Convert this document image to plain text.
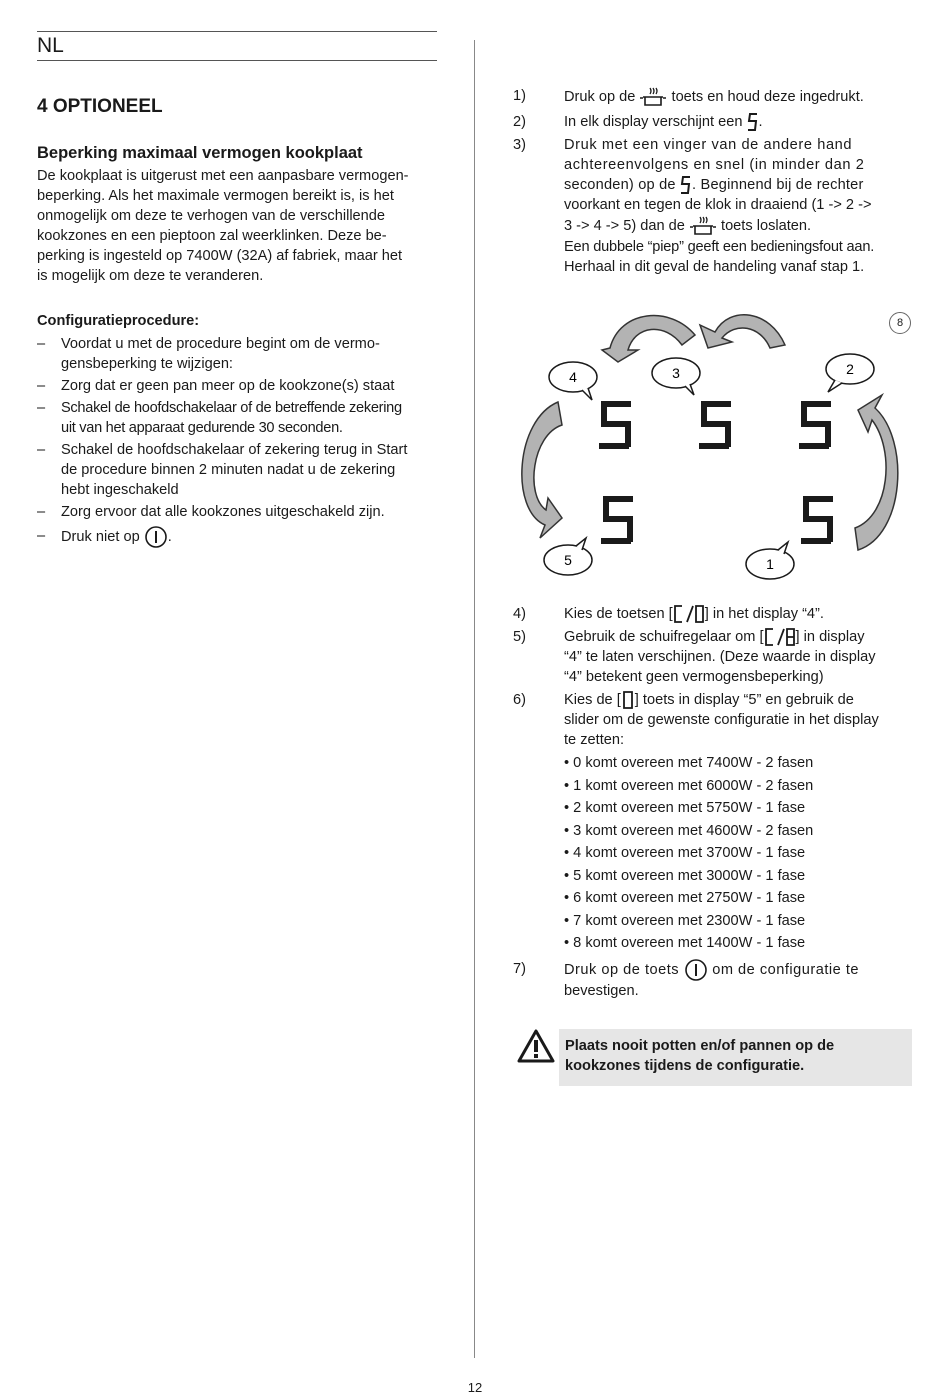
NL
4 OPTIONEEL
Beperking maximaal vermogen kookplaat
De kookplaat is uitgerust met een aanpasbare vermogen-
beperking. Als het maximale vermogen bereikt is, is het
onmogelijk om deze te verhogen van de verschillende
kookzones en een pieptoon zal weerklinken. Deze be-
perking is ingesteld op 7400W (32A) af fabriek, maar het
is mogelijk om deze te veranderen.
Configuratieprocedure:
– Voordat u met de procedure begint om de vermo-
gensbeperking te wijzigen:
– Zorg dat er geen pan meer op de kookzone(s) staat
– Schakel de hoofdschakelaar of de betreffende zekering
uit van het apparaat gedurende 30 seconden.
– Schakel de hoofdschakelaar of zekering terug in Start
de procedure binnen 2 minuten nadat u de zekering
hebt ingeschakeld
– Zorg ervoor dat alle kookzones uitgeschakeld zijn.
– Druk niet op .
1)	Druk op de toets en houd deze ingedrukt.
2)	In elk display verschijnt een .
3)	Druk met een vinger van de andere hand
achtereenvolgens en snel (in minder dan 2
seconden) op de . Beginnend bij de rechter
voorkant en tegen de klok in draaiend (1 -> 2 ->
3 -> 4 -> 5) dan de toets loslaten.
Een dubbele “piep” geeft een bedieningsfout aan.
Herhaal in dit geval de handeling vanaf stap 1.
8
4	3	2
5	1
4)	Kies de toetsen [ ] in het display “4”.
5)	Gebruik de schuifregelaar om [ ] in display
“4” te laten verschijnen. (Deze waarde in display
“4” betekent geen vermogensbeperking)
6)	Kies de [ ] toets in display “5” en gebruik de
slider om de gewenste configuratie in het display
te zetten:
• 0 komt overeen met 7400W - 2 fasen
• 1 komt overeen met 6000W - 2 fasen
• 2 komt overeen met 5750W - 1 fase
• 3 komt overeen met 4600W - 2 fasen
• 4 komt overeen met 3700W - 1 fase
• 5 komt overeen met 3000W - 1 fase
• 6 komt overeen met 2750W - 1 fase
• 7 komt overeen met 2300W - 1 fase
• 8 komt overeen met 1400W - 1 fase
7)	Druk op de toets om de configuratie te
bevestigen.
Plaats nooit potten en/of pannen op de kookzones tijdens de configuratie.
12
